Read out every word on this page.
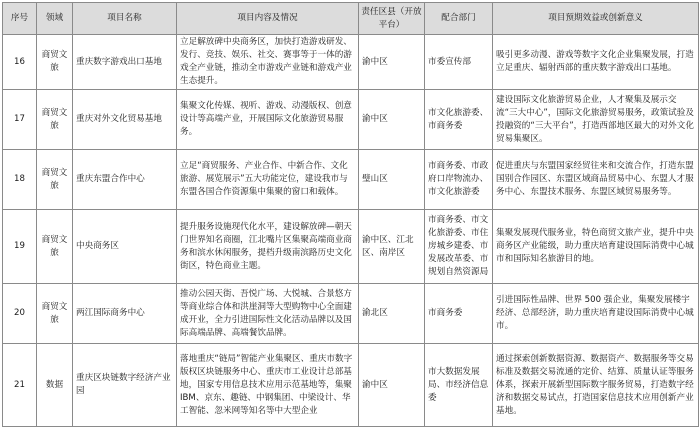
序号	领域	项目名称	项目内容及情况	责任区县（开放平台）	配合部门	项目预期效益或创新意义
16	商贸文旅	重庆数字游戏出口基地	立足解放碑中央商务区，加快打造游戏研发、发行、竞技、娱乐、社交、赛事等于一体的游戏全产业链，推动全市游戏产业链和游戏产业生态提升。	渝中区	市委宣传部	吸引更多动漫、游戏等数字文化企业集聚发展，打造立足重庆、辐射西部的重庆数字游戏出口基地。
17	商贸文旅	重庆对外文化贸易基地	集聚文化传媒、视听、游戏、动漫版权、创意设计等高端产业，开展国际文化旅游贸易服务。	渝中区	市文化旅游委、市商务委	建设国际文化旅游贸易企业，人才聚集及展示交流“三大中心”，国际文化旅游贸易服务，政策试验及投融资的“三大平台”，打造西部地区最大的对外文化贸易集聚区。
18	商贸文旅	重庆东盟合作中心	立足“商贸服务、产业合作、中新合作、文化旅游、展览展示”五大功能定位，建设我市与东盟各国合作资源集中集聚的窗口和载体。	璧山区	市商务委、市政府口岸物流办、市文化旅游委	促进重庆与东盟国家经贸往来和交流合作，打造东盟国别合作园区、东盟区域商品贸易中心、东盟人才服务中心、东盟技术服务、东盟区域贸易服务等。
19	商贸文旅	中央商务区	提升服务设施现代化水平，建设解放碑—朝天门世界知名商圈，江北嘴片区集聚高端商业商务和滨水休闲服务，提档升级南滨路历史文化街区，特色商业主题。	渝中区、江北区、南岸区	市商务委、市文化旅游委、市住房城乡建委、市发展改革委、市规划自然资源局	集聚发展现代服务业，特色商贸文旅产业，提升中央商务区产业能级，助力重庆培育建设国际消费中心城市和国际知名旅游目的地。
20	商贸文旅	两江国际商务中心	推动公园天街、吾悦广场、大悦城、合景悠方等商业综合体和洪崖洞等大型购物中心全面建成开业，全力引进国际性文化活动品牌以及国际高端品牌、高端餐饮品牌。	渝北区	市商务委	引进国际性品牌、世界 500 强企业，集聚发展楼宇经济、总部经济，助力重庆培育建设国际消费中心城市。
21	数据	重庆区块链数字经济产业园	落地重庆“链局”智能产业集聚区、重庆市数字版权区块链服务中心、重庆市工业设计总部基地，国家专用信息技术应用示范基地等，集聚 IBM、京东、趣链、中钢集团、中梁设计、华工智能、忽米网等知名等中大型企业	渝中区	市大数据发展局、市经济信息委	通过探索创新数据资源、数据资产、数据服务等交易标准及数据交易流通的定价、结算、质量认证等服务体系，探索开展新型国际数字服务贸易，打造数字经济和数据交易试点，打造国家信息技术应用创新产业基地。
